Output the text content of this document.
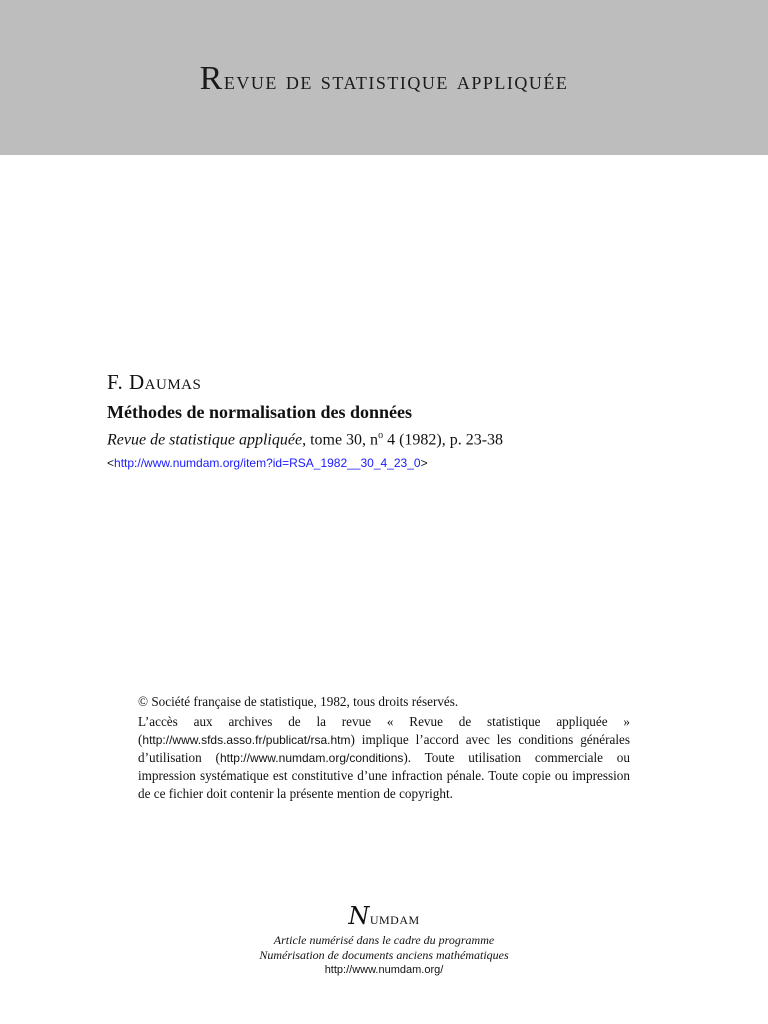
Revue de statistique appliquée

F. Daumas

Méthodes de normalisation des données

Revue de statistique appliquée, tome 30, $n^o$ 4 (1982), p. 23-38

<http://www.numdam.org/item?id=RSA_1982__30_4_23_0>

© Société française de statistique, 1982, tous droits réservés.

L’accès aux archives de la revue « Revue de statistique appliquée » (http://www.sfds.asso.fr/publicat/rsa.htm) implique l’accord avec les conditions générales d’utilisation (http://www.numdam.org/conditions). Toute utilisation commerciale ou impression systématique est constitutive d’une infraction pénale. Toute copie ou impression de ce fichier doit contenir la présente mention de copyright.

Numdam
Article numérisé dans le cadre du programme
Numérisation de documents anciens mathématiques
http://www.numdam.org/
